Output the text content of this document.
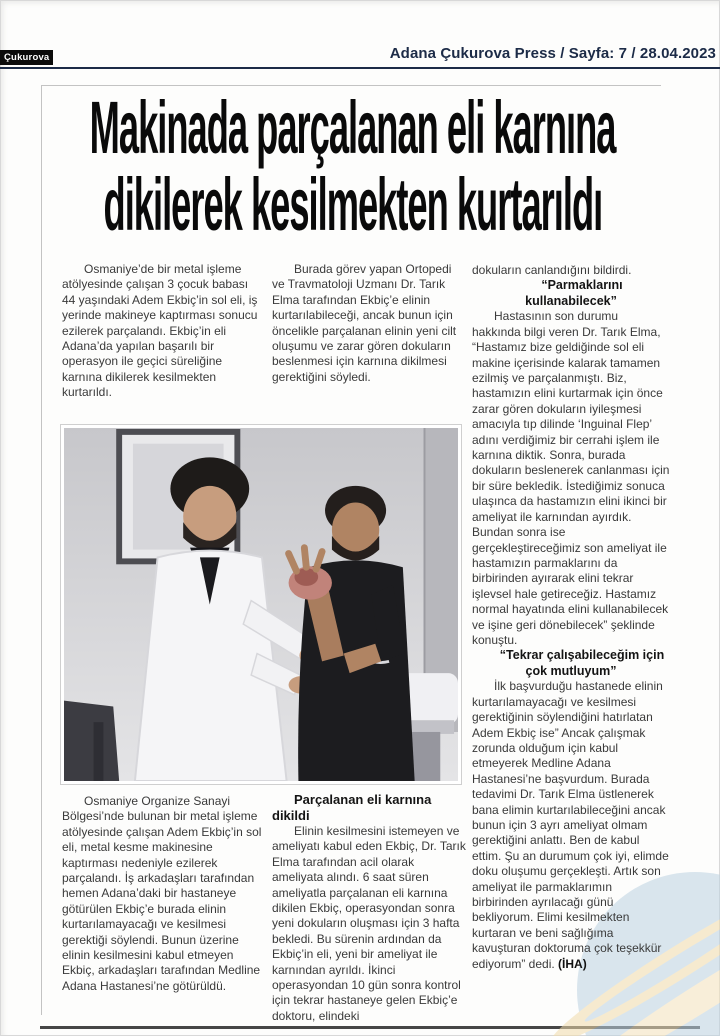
Çukurova	Adana Çukurova Press / Sayfa: 7 / 28.04.2023
Makinada parçalanan eli karnına
dikilerek kesilmekten kurtarıldı

Osmaniye’de bir metal işleme atölyesinde çalışan 3 çocuk babası 44 yaşındaki Adem Ekbiç’in sol eli, iş yerinde makineye kaptırması sonucu ezilerek parçalandı. Ekbiç’in eli Adana’da yapılan başarılı bir operasyon ile geçici süreliğine karnına dikilerek kesilmekten kurtarıldı.

Burada görev yapan Ortopedi ve Travmatoloji Uzmanı Dr. Tarık Elma tarafından Ekbiç’e elinin kurtarılabileceği, ancak bunun için öncelikle parçalanan elinin yeni cilt oluşumu ve zarar gören dokuların beslenmesi için karnına dikilmesi gerektiğini söyledi.

dokuların canlandığını bildirdi.

“Parmaklarını kullanabilecek”

Hastasının son durumu hakkında bilgi veren Dr. Tarık Elma, “Hastamız bize geldiğinde sol eli makine içerisinde kalarak tamamen ezilmiş ve parçalanmıştı. Biz, hastamızın elini kurtarmak için önce zarar gören dokuların iyileşmesi amacıyla tıp dilinde ‘Inguinal Flep’ adını verdiğimiz bir cerrahi işlem ile karnına diktik. Sonra, burada dokuların beslenerek canlanması için bir süre bekledik. İstediğimiz sonuca ulaşınca da hastamızın elini ikinci bir ameliyat ile karnından ayırdık. Bundan sonra ise gerçekleştireceğimiz son ameliyat ile hastamızın parmaklarını da birbirinden ayırarak elini tekrar işlevsel hale getireceğiz. Hastamız normal hayatında elini kullanabilecek ve işine geri dönebilecek” şeklinde konuştu.

“Tekrar çalışabileceğim için çok mutluyum”

İlk başvurduğu hastanede elinin kurtarılamayacağı ve kesilmesi gerektiğinin söylendiğini hatırlatan Adem Ekbiç ise” Ancak çalışmak zorunda olduğum için kabul etmeyerek Medline Adana Hastanesi’ne başvurdum. Burada tedavimi Dr. Tarık Elma üstlenerek bana elimin kurtarılabileceğini ancak bunun için 3 ayrı ameliyat olmam gerektiğini anlattı. Ben de kabul ettim. Şu an durumum çok iyi, elimde doku oluşumu gerçekleşti. Artık son ameliyat ile parmaklarımın birbirinden ayrılacağı günü bekliyorum. Elimi kesilmekten kurtaran ve beni sağlığıma kavuşturan doktoruma çok teşekkür ediyorum” dedi. (İHA)

Osmaniye Organize Sanayi Bölgesi’nde bulunan bir metal işleme atölyesinde çalışan Adem Ekbiç’in sol eli, metal kesme makinesine kaptırması nedeniyle ezilerek parçalandı. İş arkadaşları tarafından hemen Adana’daki bir hastaneye götürülen Ekbiç’e burada elinin kurtarılamayacağı ve kesilmesi gerektiği söylendi. Bunun üzerine elinin kesilmesini kabul etmeyen Ekbiç, arkadaşları tarafından Medline Adana Hastanesi’ne götürüldü.

Parçalanan eli karnına dikildi

Elinin kesilmesini istemeyen ve ameliyatı kabul eden Ekbiç, Dr. Tarık Elma tarafından acil olarak ameliyata alındı. 6 saat süren ameliyatla parçalanan eli karnına dikilen Ekbiç, operasyondan sonra yeni dokuların oluşması için 3 hafta bekledi. Bu sürenin ardından da Ekbiç’in eli, yeni bir ameliyat ile karnından ayrıldı. İkinci operasyondan 10 gün sonra kontrol için tekrar hastaneye gelen Ekbiç’e doktoru, elindeki
